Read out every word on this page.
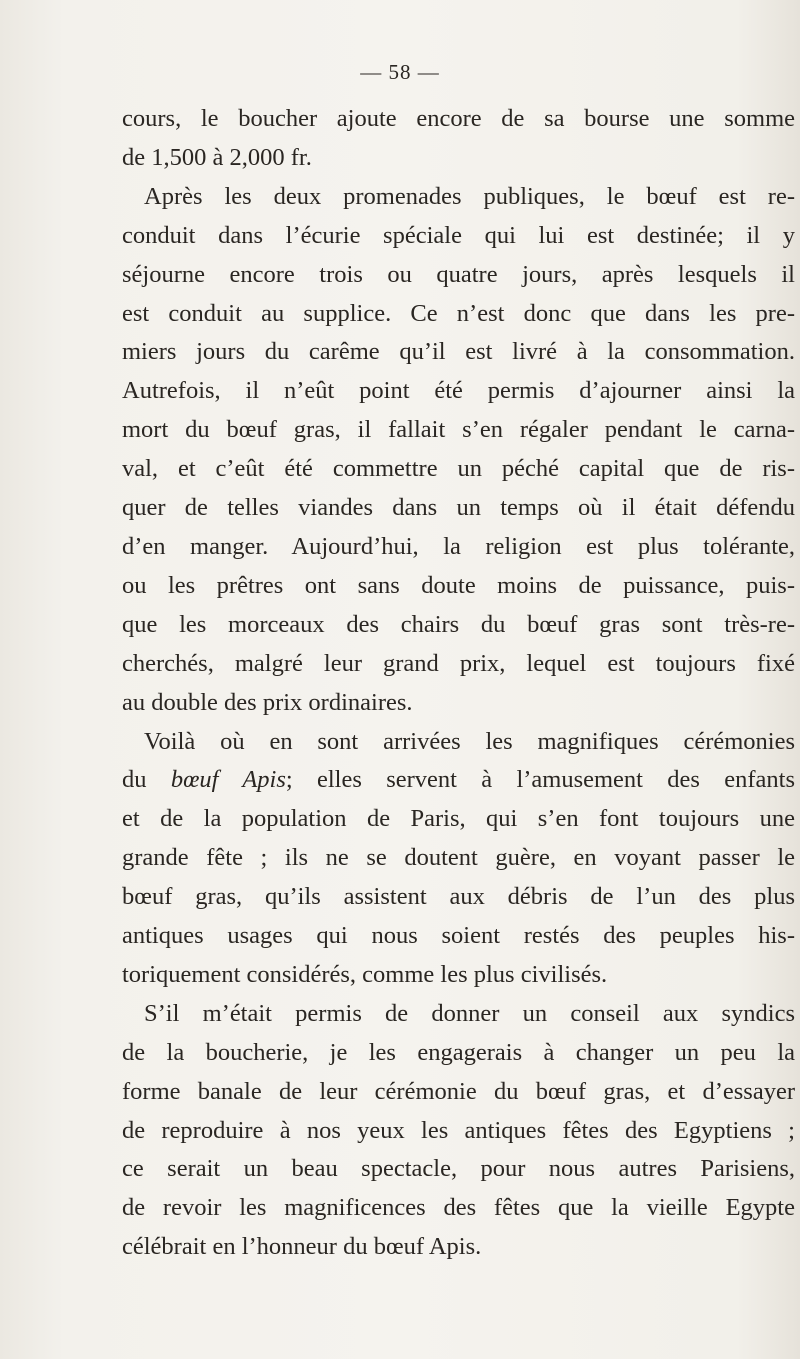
— 58 —
cours, le boucher ajoute encore de sa bourse une somme
de 1,500 à 2,000 fr.
Après les deux promenades publiques, le bœuf est re-
conduit dans l’écurie spéciale qui lui est destinée; il y
séjourne encore trois ou quatre jours, après lesquels il
est conduit au supplice. Ce n’est donc que dans les pre-
miers jours du carême qu’il est livré à la consommation.
Autrefois, il n’eût point été permis d’ajourner ainsi la
mort du bœuf gras, il fallait s’en régaler pendant le carna-
val, et c’eût été commettre un péché capital que de ris-
quer de telles viandes dans un temps où il était défendu
d’en manger. Aujourd’hui, la religion est plus tolérante,
ou les prêtres ont sans doute moins de puissance, puis-
que les morceaux des chairs du bœuf gras sont très-re-
cherchés, malgré leur grand prix, lequel est toujours fixé
au double des prix ordinaires.
Voilà où en sont arrivées les magnifiques cérémonies
du bœuf Apis; elles servent à l’amusement des enfants
et de la population de Paris, qui s’en font toujours une
grande fête ; ils ne se doutent guère, en voyant passer le
bœuf gras, qu’ils assistent aux débris de l’un des plus
antiques usages qui nous soient restés des peuples his-
toriquement considérés, comme les plus civilisés.
S’il m’était permis de donner un conseil aux syndics
de la boucherie, je les engagerais à changer un peu la
forme banale de leur cérémonie du bœuf gras, et d’essayer
de reproduire à nos yeux les antiques fêtes des Egyptiens ;
ce serait un beau spectacle, pour nous autres Parisiens,
de revoir les magnificences des fêtes que la vieille Egypte
célébrait en l’honneur du bœuf Apis.
